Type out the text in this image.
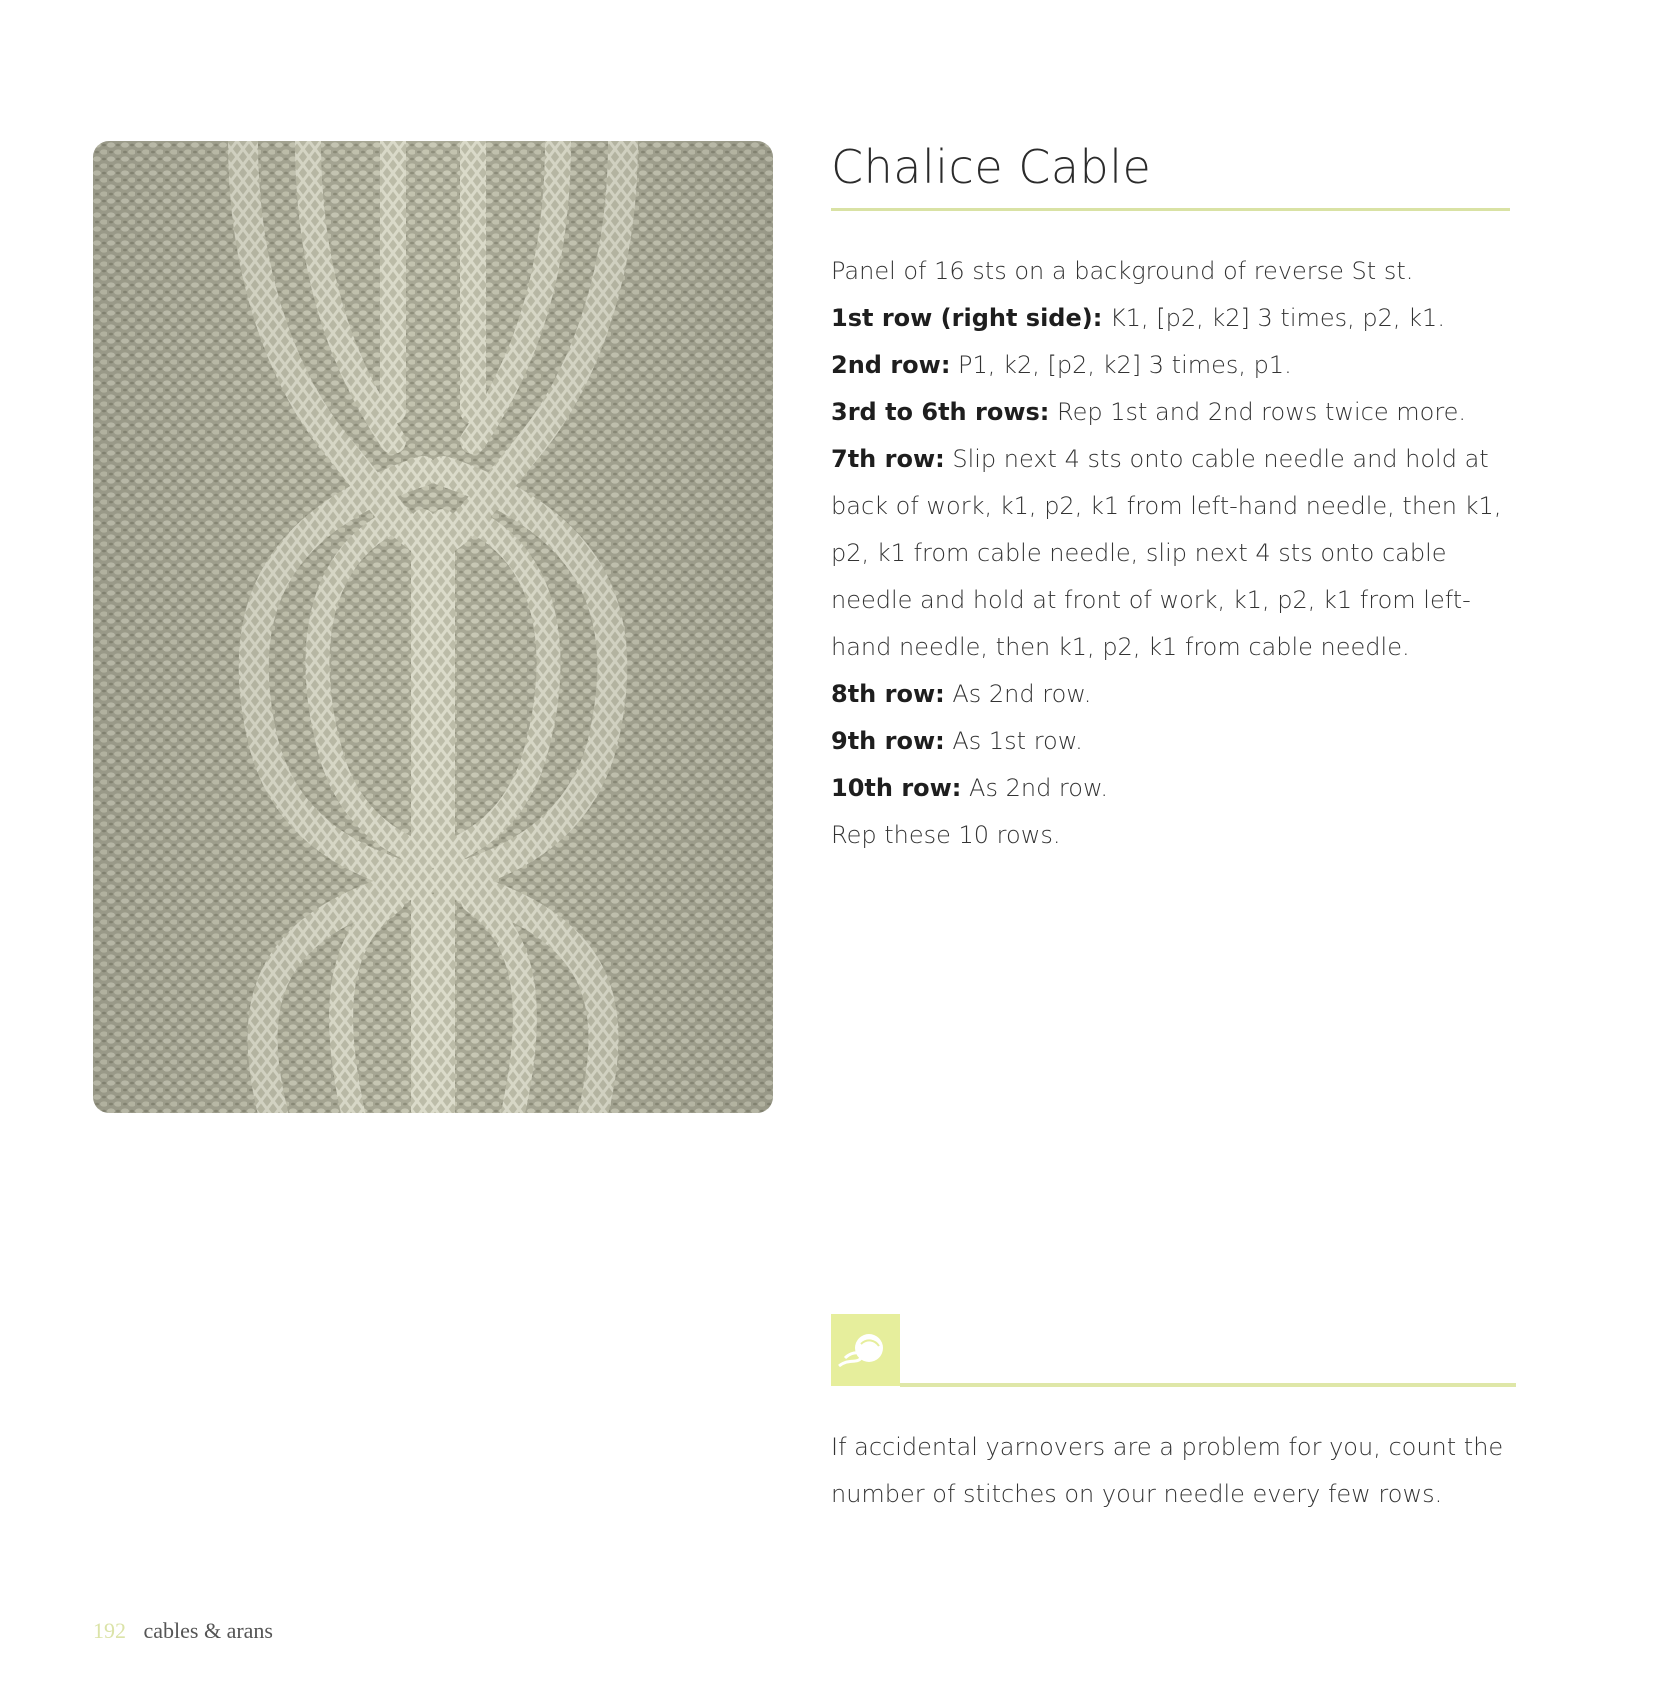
Chalice Cable

Panel of 16 sts on a background of reverse St st.

1st row (right side): K1, [p2, k2] 3 times, p2, k1.

2nd row: P1, k2, [p2, k2] 3 times, p1.

3rd to 6th rows: Rep 1st and 2nd rows twice more.

7th row: Slip next 4 sts onto cable needle and hold at back of work, k1, p2, k1 from left-hand needle, then k1, p2, k1 from cable needle, slip next 4 sts onto cable needle and hold at front of work, k1, p2, k1 from left-hand needle, then k1, p2, k1 from cable needle.

8th row: As 2nd row.

9th row: As 1st row.

10th row: As 2nd row.

Rep these 10 rows.

If accidental yarnovers are a problem for you, count the number of stitches on your needle every few rows.

192 cables & arans
